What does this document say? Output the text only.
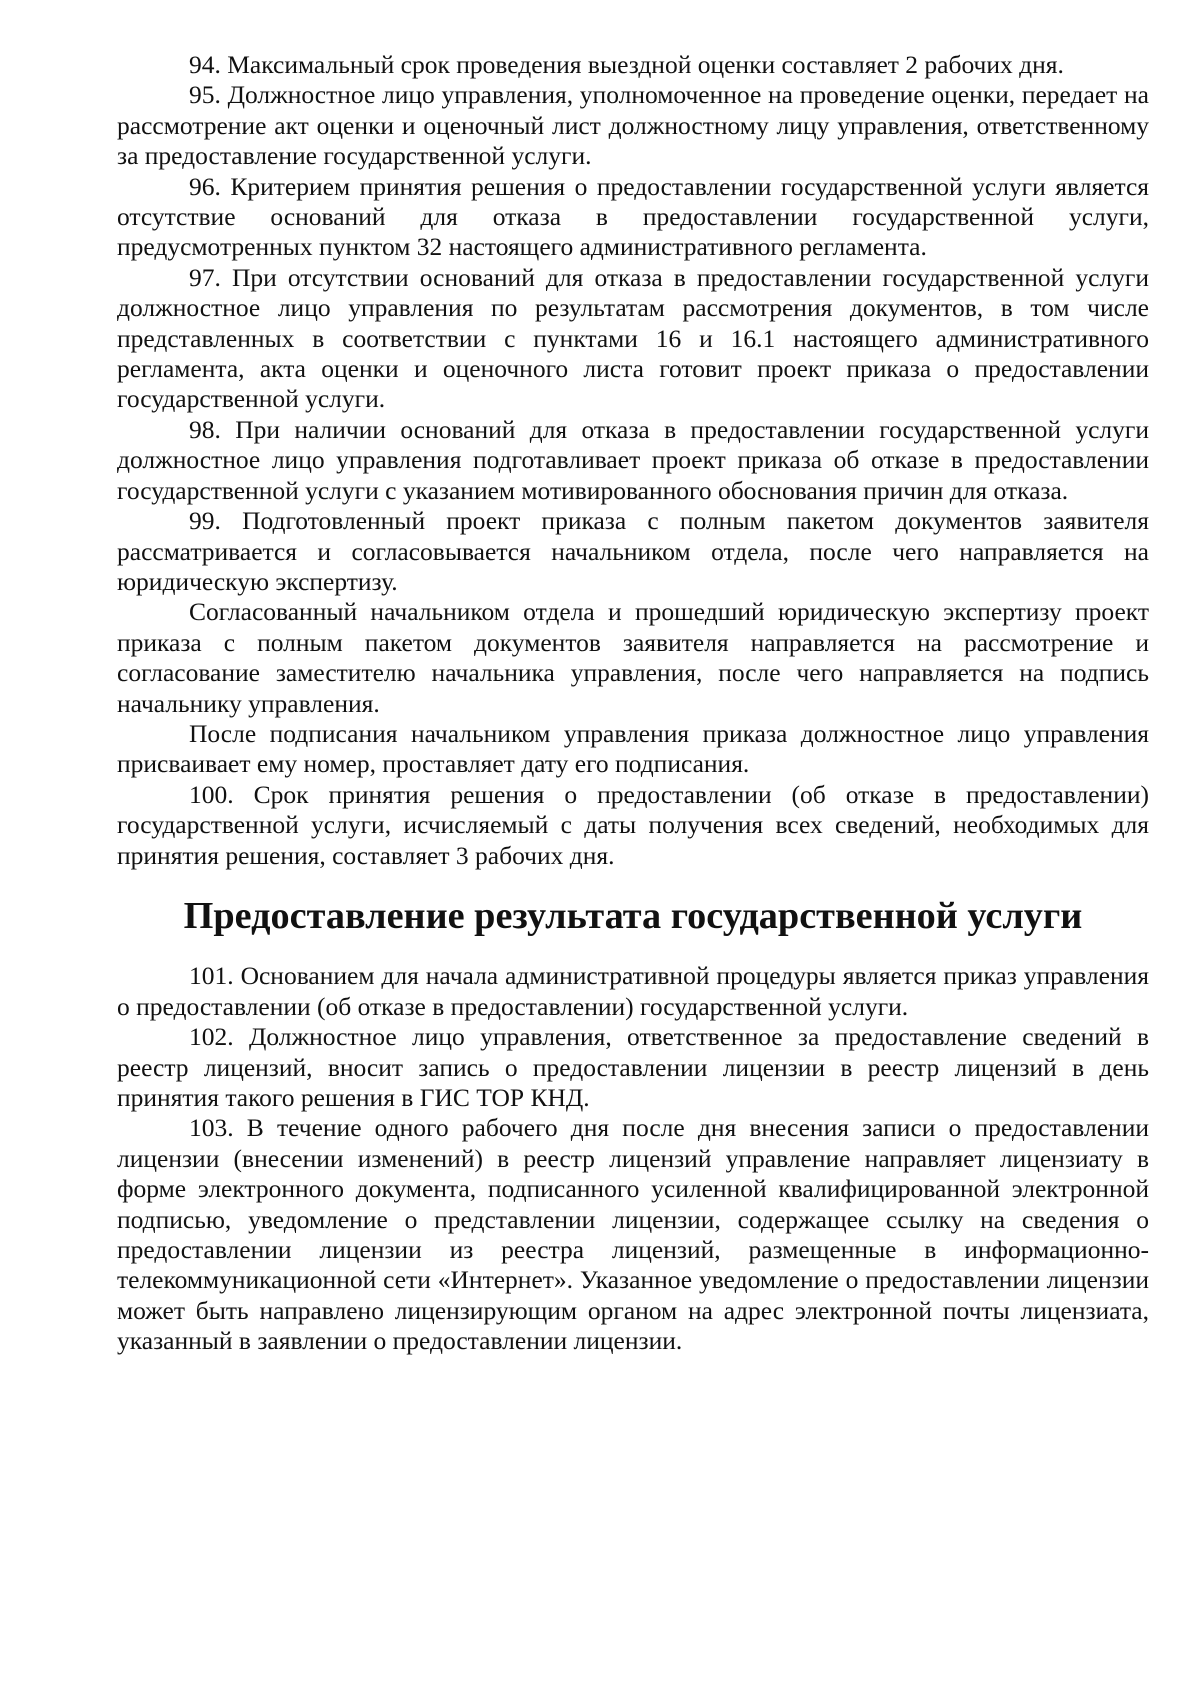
94. Максимальный срок проведения выездной оценки составляет 2 рабочих дня.

95. Должностное лицо управления, уполномоченное на проведение оценки, передает на рассмотрение акт оценки и оценочный лист должностному лицу управления, ответственному за предоставление государственной услуги.

96. Критерием принятия решения о предоставлении государственной услуги является отсутствие оснований для отказа в предоставлении государственной услуги, предусмотренных пунктом 32 настоящего административного регламента.

97. При отсутствии оснований для отказа в предоставлении государственной услуги должностное лицо управления по результатам рассмотрения документов, в том числе представленных в соответствии с пунктами 16 и 16.1 настоящего административного регламента, акта оценки и оценочного листа готовит проект приказа о предоставлении государственной услуги.

98. При наличии оснований для отказа в предоставлении государственной услуги должностное лицо управления подготавливает проект приказа об отказе в предоставлении государственной услуги с указанием мотивированного обоснования причин для отказа.

99. Подготовленный проект приказа с полным пакетом документов заявителя рассматривается и согласовывается начальником отдела, после чего направляется на юридическую экспертизу.

Согласованный начальником отдела и прошедший юридическую экспертизу проект приказа с полным пакетом документов заявителя направляется на рассмотрение и согласование заместителю начальника управления, после чего направляется на подпись начальнику управления.

После подписания начальником управления приказа должностное лицо управления присваивает ему номер, проставляет дату его подписания.

100. Срок принятия решения о предоставлении (об отказе в предоставлении) государственной услуги, исчисляемый с даты получения всех сведений, необходимых для принятия решения, составляет 3 рабочих дня.

Предоставление результата государственной услуги

101. Основанием для начала административной процедуры является приказ управления о предоставлении (об отказе в предоставлении) государственной услуги.

102. Должностное лицо управления, ответственное за предоставление сведений в реестр лицензий, вносит запись о предоставлении лицензии в реестр лицензий в день принятия такого решения в ГИС ТОР КНД.

103. В течение одного рабочего дня после дня внесения записи о предоставлении лицензии (внесении изменений) в реестр лицензий управление направляет лицензиату в форме электронного документа, подписанного усиленной квалифицированной электронной подписью, уведомление о представлении лицензии, содержащее ссылку на сведения о предоставлении лицензии из реестра лицензий, размещенные в информационно-телекоммуникационной сети «Интернет». Указанное уведомление о предоставлении лицензии может быть направлено лицензирующим органом на адрес электронной почты лицензиата, указанный в заявлении о предоставлении лицензии.
